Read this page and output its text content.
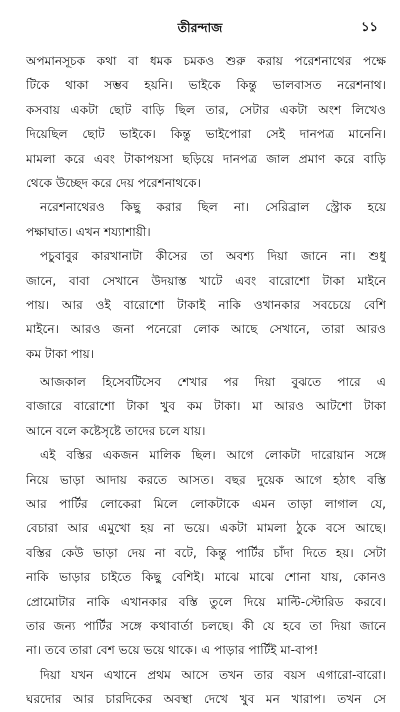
তীরন্দাজ	১১
অপমানসূচক কথা বা ধমক চমকও শুরু করায় পরেশনাথের পক্ষে
টিকে থাকা সম্ভব হয়নি। ভাইকে কিন্তু ভালবাসত নরেশনাথ।
কসবায় একটা ছোট বাড়ি ছিল তার, সেটার একটা অংশ লিখেও
দিয়েছিল ছোট ভাইকে। কিন্তু ভাইপোরা সেই দানপত্র মানেনি।
মামলা করে এবং টাকাপয়সা ছড়িয়ে দানপত্র জাল প্রমাণ করে বাড়ি
থেকে উচ্ছেদ করে দেয় পরেশনাথকে।
নরেশনাথেরও কিছু করার ছিল না। সেরিব্রাল স্ট্রোক হয়ে
পক্ষাঘাত। এখন শয্যাশায়ী।
পচুবাবুর কারখানাটা কীসের তা অবশ্য দিয়া জানে না। শুধু
জানে, বাবা সেখানে উদয়াস্ত খাটে এবং বারোশো টাকা মাইনে
পায়। আর ওই বারোশো টাকাই নাকি ওখানকার সবচেয়ে বেশি
মাইনে। আরও জনা পনেরো লোক আছে সেখানে, তারা আরও
কম টাকা পায়।
আজকাল হিসেবটিসেব শেখার পর দিয়া বুঝতে পারে এ
বাজারে বারোশো টাকা খুব কম টাকা। মা আরও আটশো টাকা
আনে বলে কষ্টেসৃষ্টে তাদের চলে যায়।
এই বস্তির একজন মালিক ছিল। আগে লোকটা দারোয়ান সঙ্গে
নিয়ে ভাড়া আদায় করতে আসত। বছর দুয়েক আগে হঠাৎ বস্তি
আর পার্টির লোকেরা মিলে লোকটাকে এমন তাড়া লাগাল যে,
বেচারা আর এমুখো হয় না ভয়ে। একটা মামলা ঠুকে বসে আছে।
বস্তির কেউ ভাড়া দেয় না বটে, কিন্তু পার্টির চাঁদা দিতে হয়। সেটা
নাকি ভাড়ার চাইতে কিছু বেশিই। মাঝে মাঝে শোনা যায়, কোনও
প্রোমোটার নাকি এখানকার বস্তি তুলে দিয়ে মাল্টি-স্টোরিড করবে।
তার জন্য পার্টির সঙ্গে কথাবার্তা চলছে। কী যে হবে তা দিয়া জানে
না। তবে তারা বেশ ভয়ে ভয়ে থাকে। এ পাড়ার পার্টিই মা-বাপ!
দিয়া যখন এখানে প্রথম আসে তখন তার বয়স এগারো-বারো।
ঘরদোর আর চারদিকের অবস্থা দেখে খুব মন খারাপ। তখন সে
